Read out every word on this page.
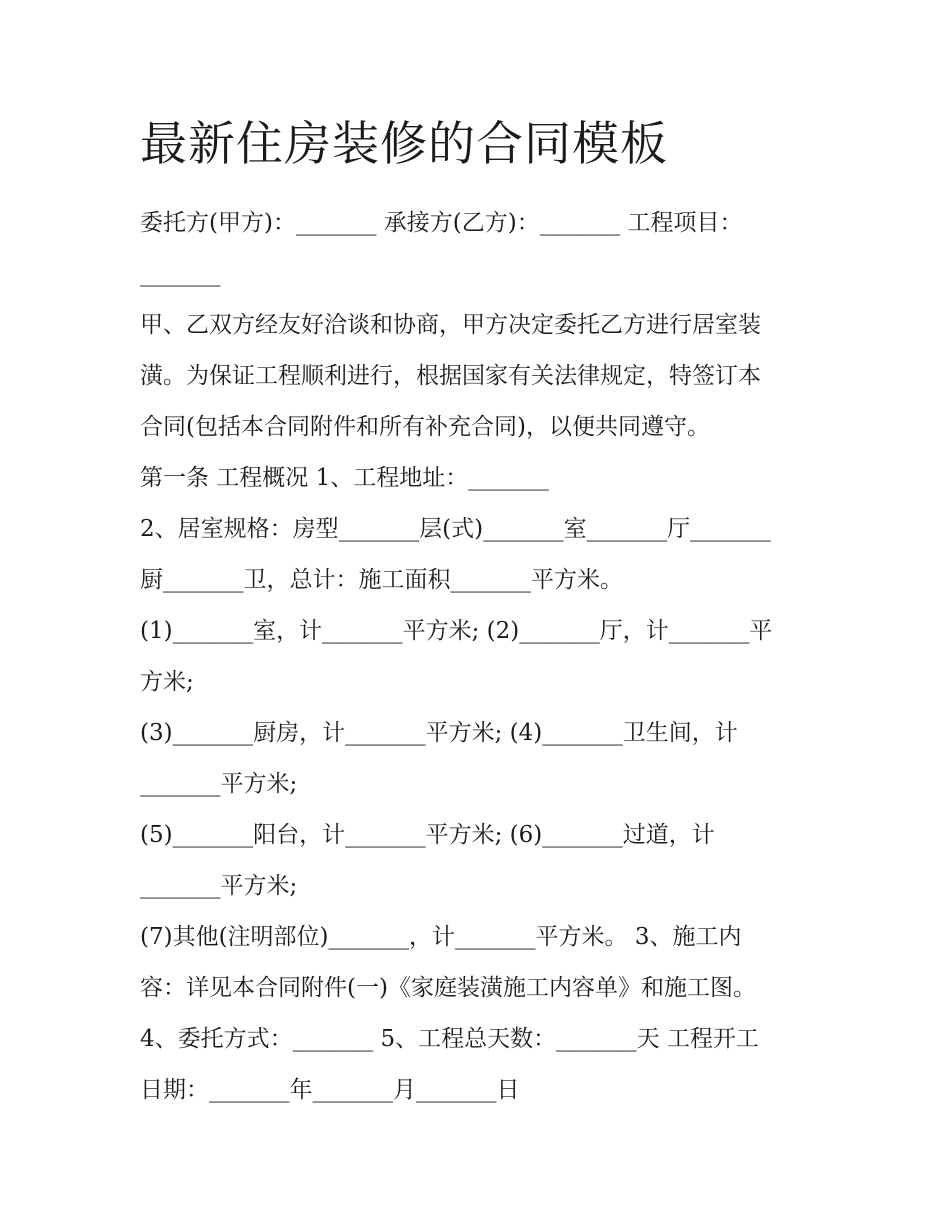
最新住房装修的合同模板

委托方(甲方)：_______ 承接方(乙方)：_______ 工程项目：

_______

甲、乙双方经友好洽谈和协商，甲方决定委托乙方进行居室装

潢。为保证工程顺利进行，根据国家有关法律规定，特签订本

合同(包括本合同附件和所有补充合同)，以便共同遵守。

第一条 工程概况 1、工程地址：_______

2、居室规格：房型_______层(式)_______室_______厅_______

厨_______卫，总计：施工面积_______平方米。

(1)_______室，计_______平方米; (2)_______厅，计_______平

方米;

(3)_______厨房，计_______平方米; (4)_______卫生间，计

_______平方米;

(5)_______阳台，计_______平方米; (6)_______过道，计

_______平方米;

(7)其他(注明部位)_______，计_______平方米。 3、施工内

容：详见本合同附件(一)《家庭装潢施工内容单》和施工图。

4、委托方式：_______ 5、工程总天数：_______天 工程开工

日期：_______年_______月_______日
